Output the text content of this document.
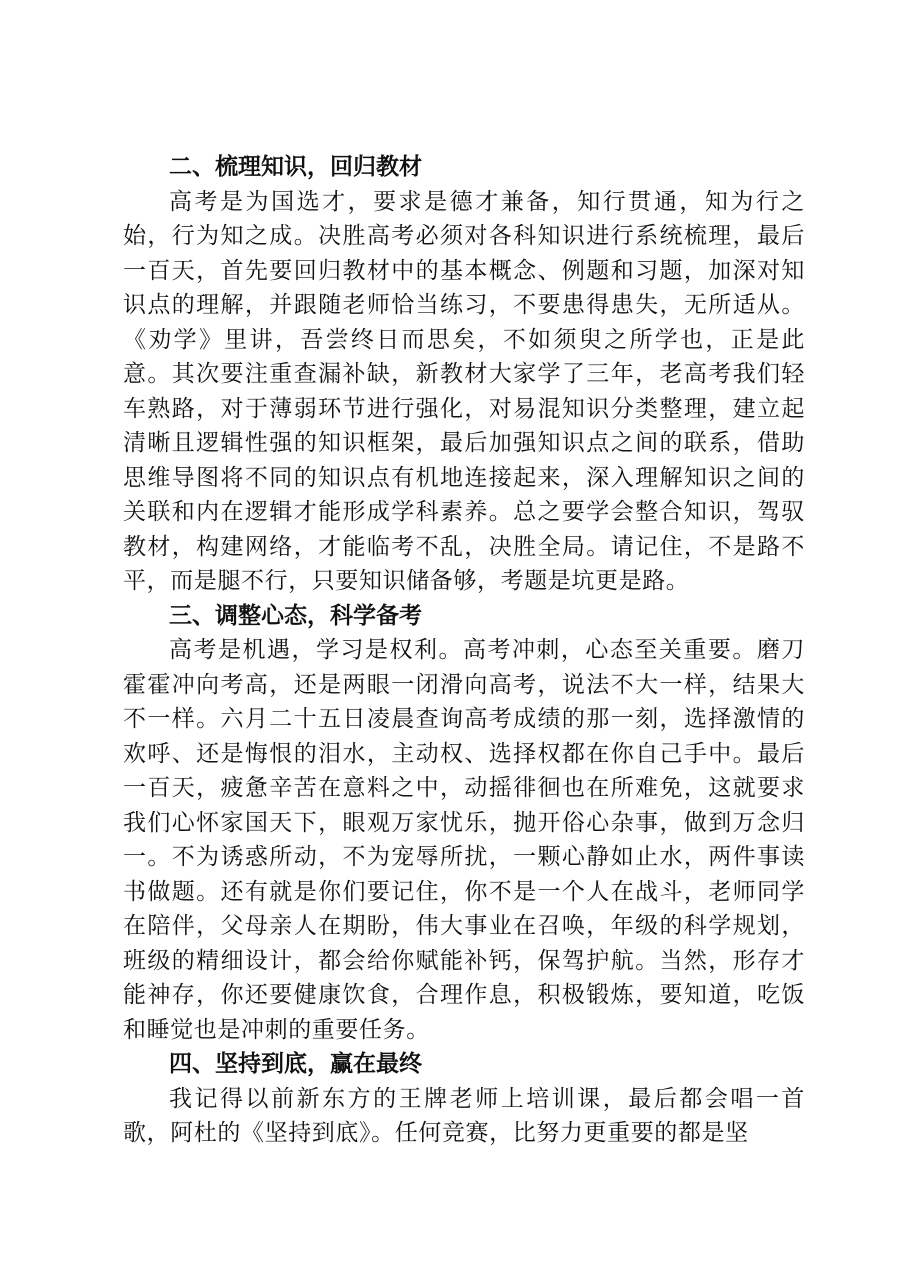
二、梳理知识，回归教材

高考是为国选才，要求是德才兼备，知行贯通，知为行之始，行为知之成。决胜高考必须对各科知识进行系统梳理，最后一百天，首先要回归教材中的基本概念、例题和习题，加深对知识点的理解，并跟随老师恰当练习，不要患得患失，无所适从。《劝学》里讲，吾尝终日而思矣，不如须臾之所学也，正是此意。其次要注重查漏补缺，新教材大家学了三年，老高考我们轻车熟路，对于薄弱环节进行强化，对易混知识分类整理，建立起清晰且逻辑性强的知识框架，最后加强知识点之间的联系，借助思维导图将不同的知识点有机地连接起来，深入理解知识之间的关联和内在逻辑才能形成学科素养。总之要学会整合知识，驾驭教材，构建网络，才能临考不乱，决胜全局。请记住，不是路不平，而是腿不行，只要知识储备够，考题是坑更是路。

三、调整心态，科学备考

高考是机遇，学习是权利。高考冲刺，心态至关重要。磨刀霍霍冲向考高，还是两眼一闭滑向高考，说法不大一样，结果大不一样。六月二十五日凌晨查询高考成绩的那一刻，选择激情的欢呼、还是悔恨的泪水，主动权、选择权都在你自己手中。最后一百天，疲惫辛苦在意料之中，动摇徘徊也在所难免，这就要求我们心怀家国天下，眼观万家忧乐，抛开俗心杂事，做到万念归一。不为诱惑所动，不为宠辱所扰，一颗心静如止水，两件事读书做题。还有就是你们要记住，你不是一个人在战斗，老师同学在陪伴，父母亲人在期盼，伟大事业在召唤，年级的科学规划，班级的精细设计，都会给你赋能补钙，保驾护航。当然，形存才能神存，你还要健康饮食，合理作息，积极锻炼，要知道，吃饭和睡觉也是冲刺的重要任务。

四、坚持到底，赢在最终

我记得以前新东方的王牌老师上培训课，最后都会唱一首歌，阿杜的《坚持到底》。任何竞赛，比努力更重要的都是坚
